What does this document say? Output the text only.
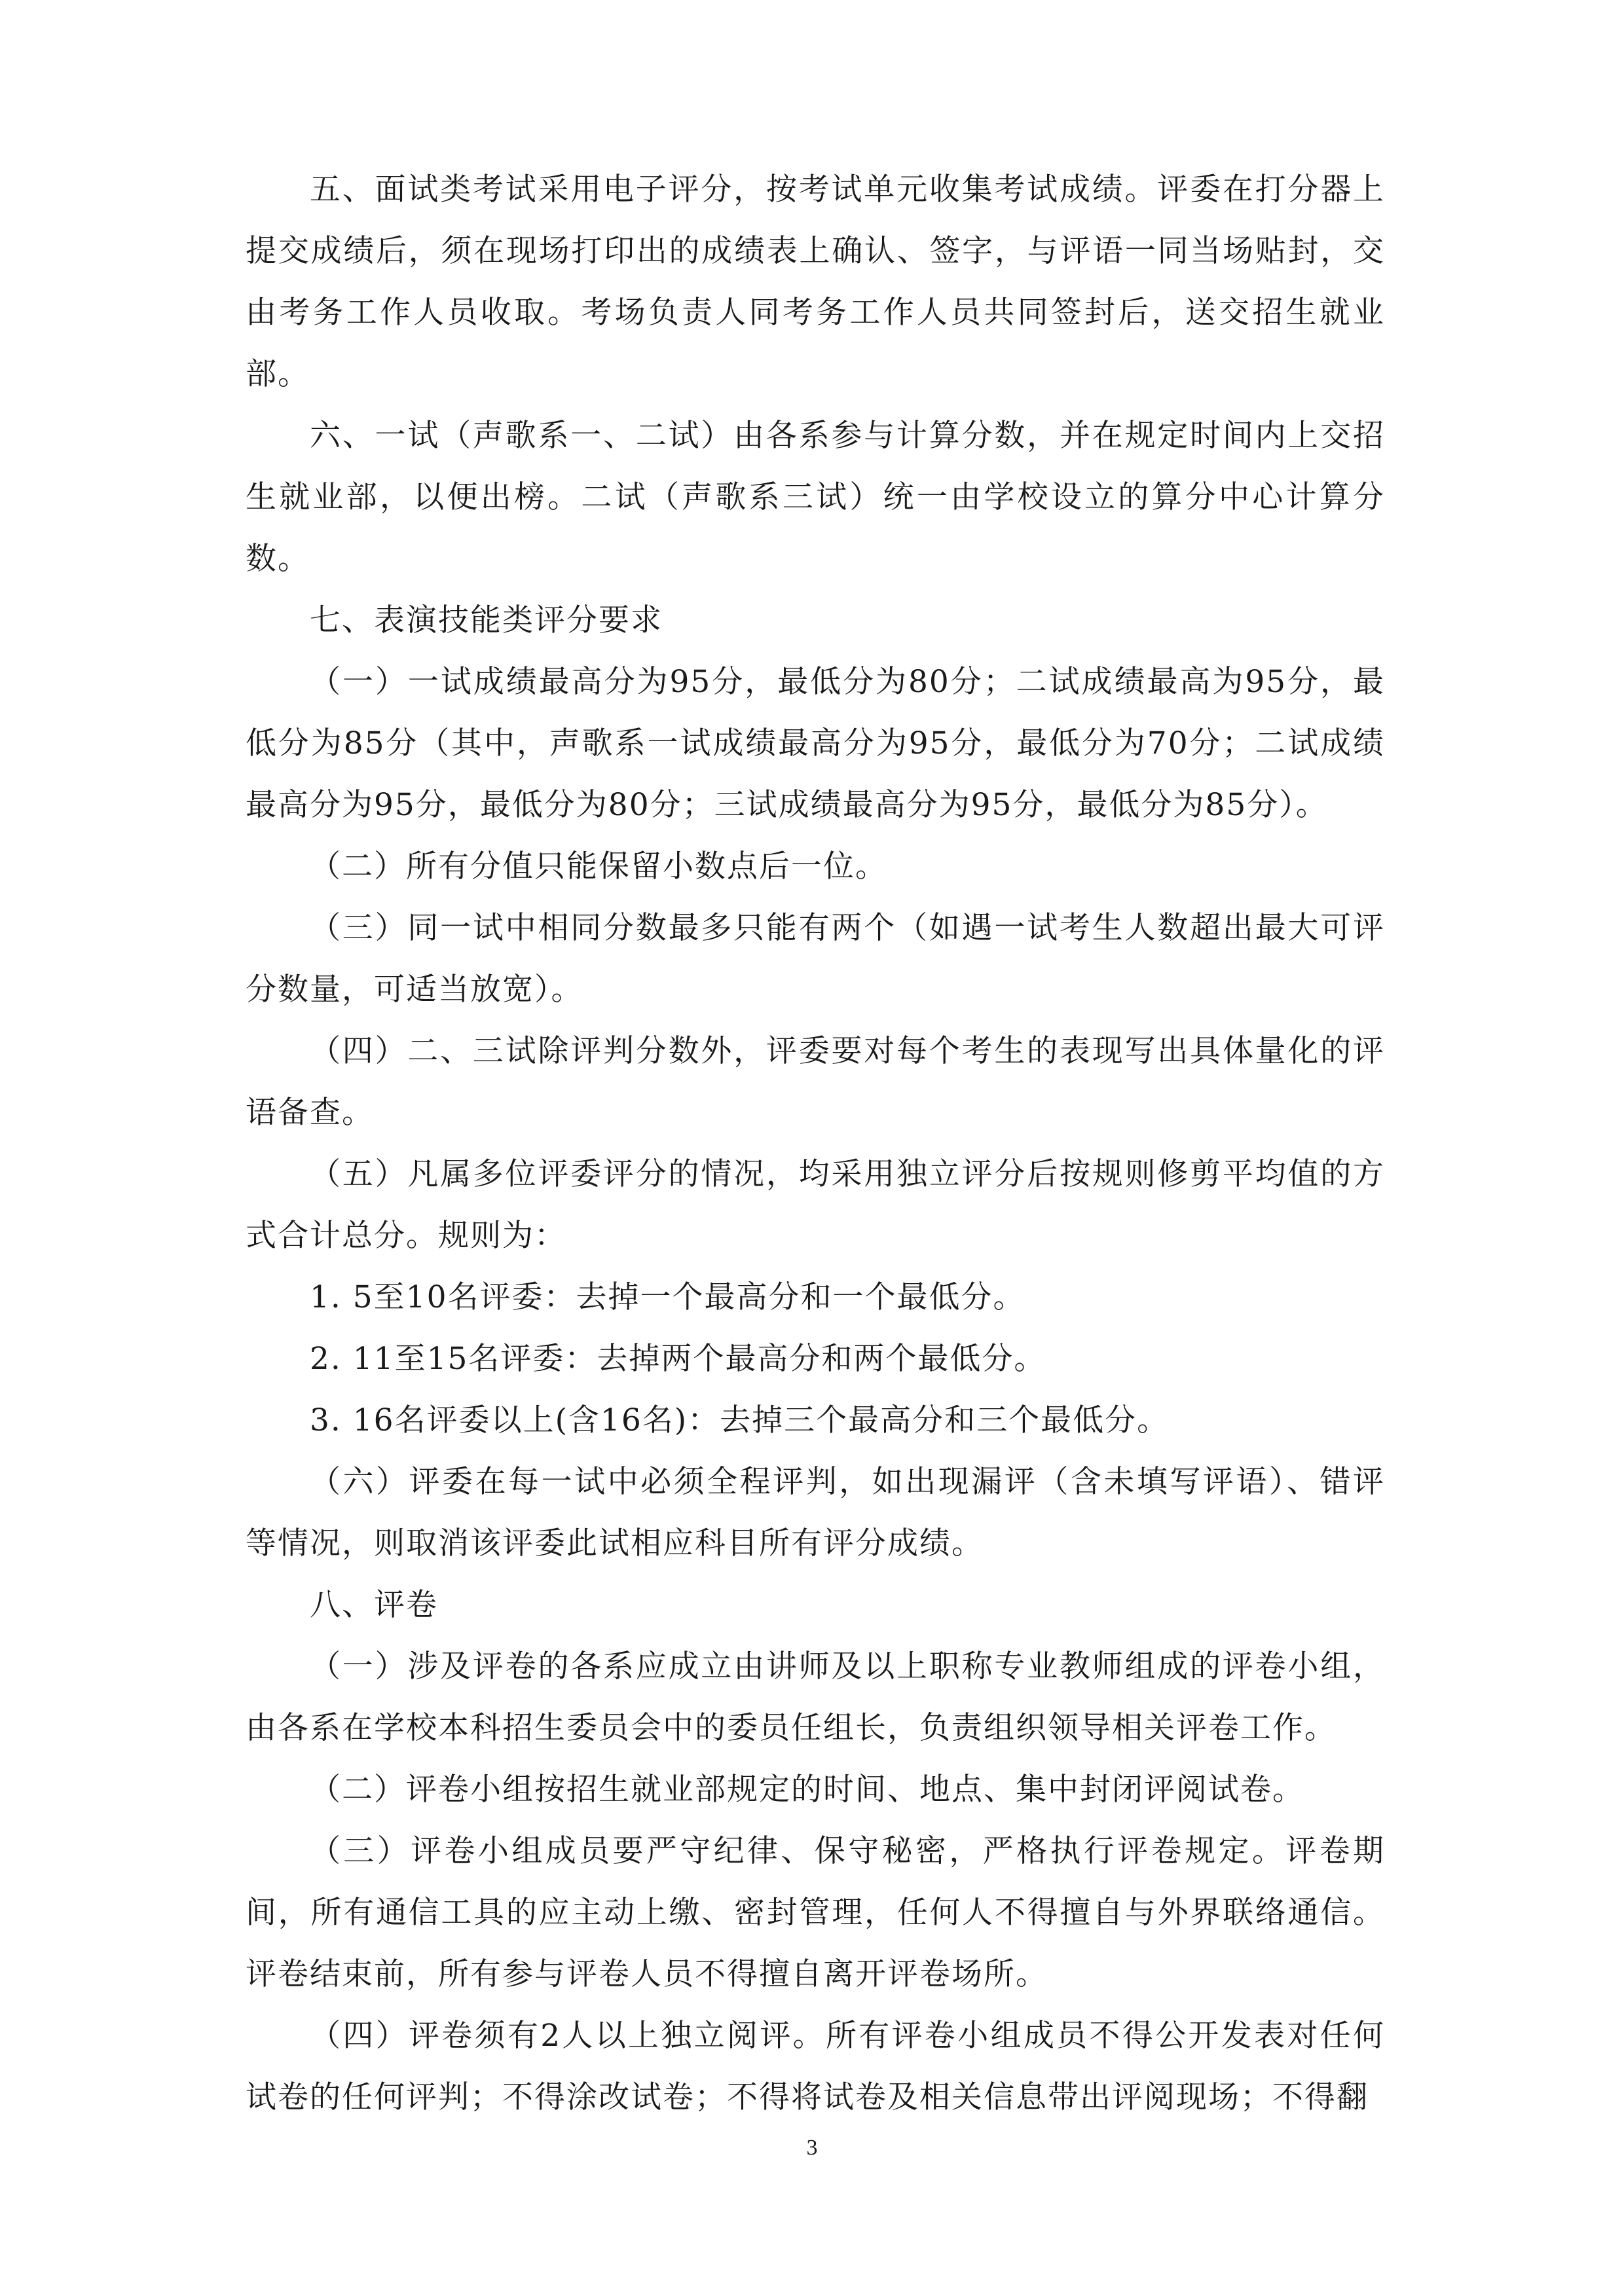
五、面试类考试采用电子评分，按考试单元收集考试成绩。评委在打分器上提交成绩后，须在现场打印出的成绩表上确认、签字，与评语一同当场贴封，交由考务工作人员收取。考场负责人同考务工作人员共同签封后，送交招生就业部。

六、一试（声歌系一、二试）由各系参与计算分数，并在规定时间内上交招生就业部，以便出榜。二试（声歌系三试）统一由学校设立的算分中心计算分数。

七、表演技能类评分要求

（一）一试成绩最高分为95分，最低分为80分；二试成绩最高为95分，最低分为85分（其中，声歌系一试成绩最高分为95分，最低分为70分；二试成绩最高分为95分，最低分为80分；三试成绩最高分为95分，最低分为85分）。

（二）所有分值只能保留小数点后一位。

（三）同一试中相同分数最多只能有两个（如遇一试考生人数超出最大可评分数量，可适当放宽）。

（四）二、三试除评判分数外，评委要对每个考生的表现写出具体量化的评语备查。

（五）凡属多位评委评分的情况，均采用独立评分后按规则修剪平均值的方式合计总分。规则为：

1. 5至10名评委：去掉一个最高分和一个最低分。

2. 11至15名评委：去掉两个最高分和两个最低分。

3. 16名评委以上(含16名)：去掉三个最高分和三个最低分。

（六）评委在每一试中必须全程评判，如出现漏评（含未填写评语）、错评等情况，则取消该评委此试相应科目所有评分成绩。

八、评卷

（一）涉及评卷的各系应成立由讲师及以上职称专业教师组成的评卷小组，由各系在学校本科招生委员会中的委员任组长，负责组织领导相关评卷工作。

（二）评卷小组按招生就业部规定的时间、地点、集中封闭评阅试卷。

（三）评卷小组成员要严守纪律、保守秘密，严格执行评卷规定。评卷期间，所有通信工具的应主动上缴、密封管理，任何人不得擅自与外界联络通信。评卷结束前，所有参与评卷人员不得擅自离开评卷场所。

（四）评卷须有2人以上独立阅评。所有评卷小组成员不得公开发表对任何试卷的任何评判；不得涂改试卷；不得将试卷及相关信息带出评阅现场；不得翻

3
